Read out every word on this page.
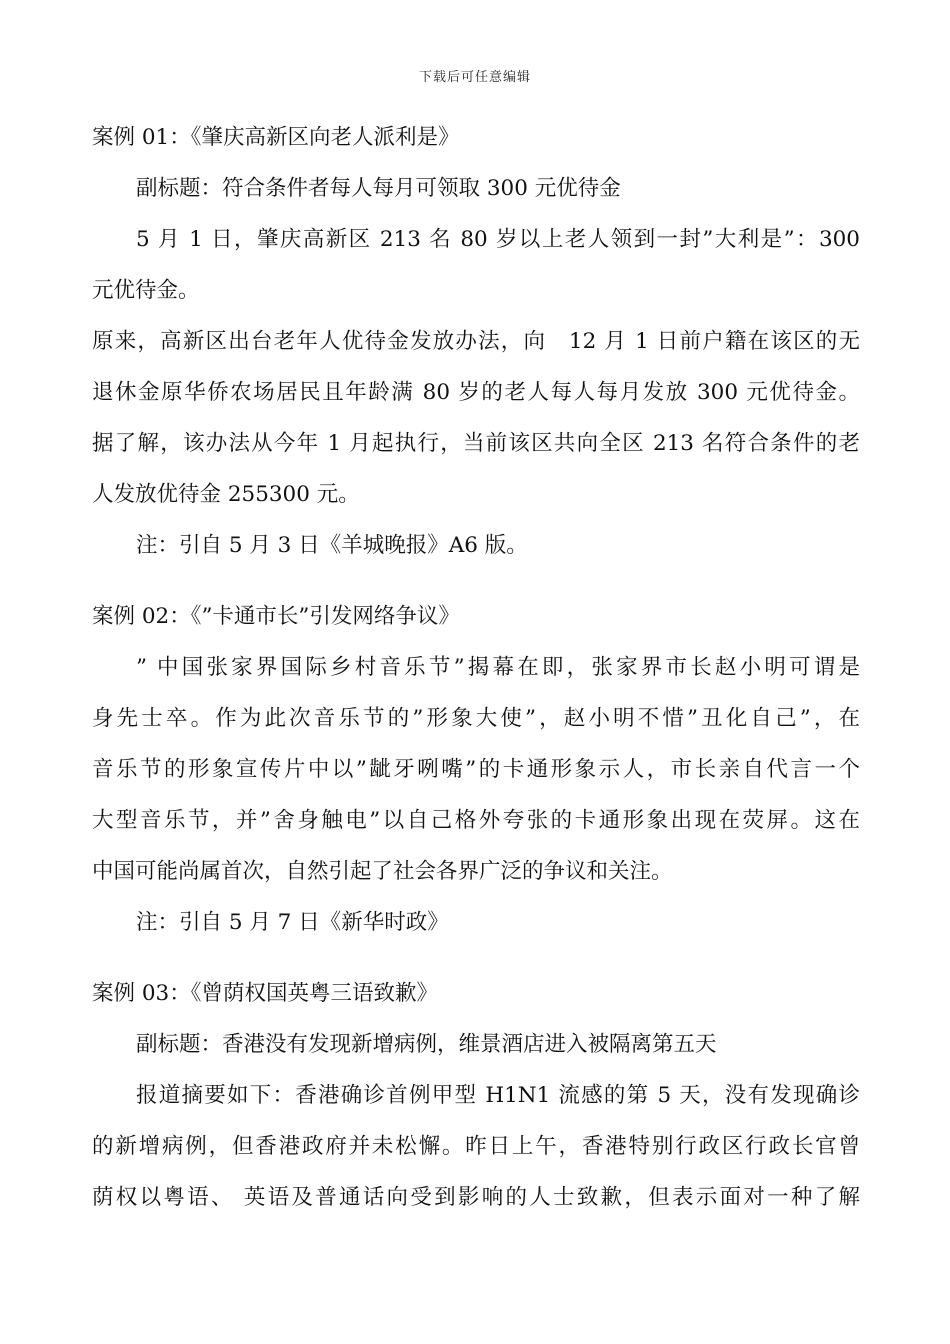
下载后可任意编辑
案例 01：《肇庆高新区向老人派利是》
副标题：符合条件者每人每月可领取 300 元优待金
5 月 1 日，肇庆高新区 213 名 80 岁以上老人领到一封”大利是”：300
元优待金。
原来，高新区出台老年人优待金发放办法，向　12 月 1 日前户籍在该区的无
退休金原华侨农场居民且年龄满 80 岁的老人每人每月发放 300 元优待金。
据了解，该办法从今年 1 月起执行，当前该区共向全区 213 名符合条件的老
人发放优待金 255300 元。
注：引自 5 月 3 日《羊城晚报》A6 版。
案例 02：《”卡通市长”引发网络争议》
” 中国张家界国际乡村音乐节”揭幕在即，张家界市长赵小明可谓是
身先士卒。作为此次音乐节的”形象大使”，赵小明不惜”丑化自己”，在
音乐节的形象宣传片中以”龇牙咧嘴”的卡通形象示人，市长亲自代言一个
大型音乐节，并”舍身触电”以自己格外夸张的卡通形象出现在荧屏。这在
中国可能尚属首次，自然引起了社会各界广泛的争议和关注。
注：引自 5 月 7 日《新华时政》
案例 03：《曾荫权国英粤三语致歉》
副标题：香港没有发现新增病例，维景酒店进入被隔离第五天
报道摘要如下：香港确诊首例甲型 H1N1 流感的第 5 天，没有发现确诊
的新增病例，但香港政府并未松懈。昨日上午，香港特别行政区行政长官曾
荫权以粤语、 英语及普通话向受到影响的人士致歉，但表示面对一种了解
